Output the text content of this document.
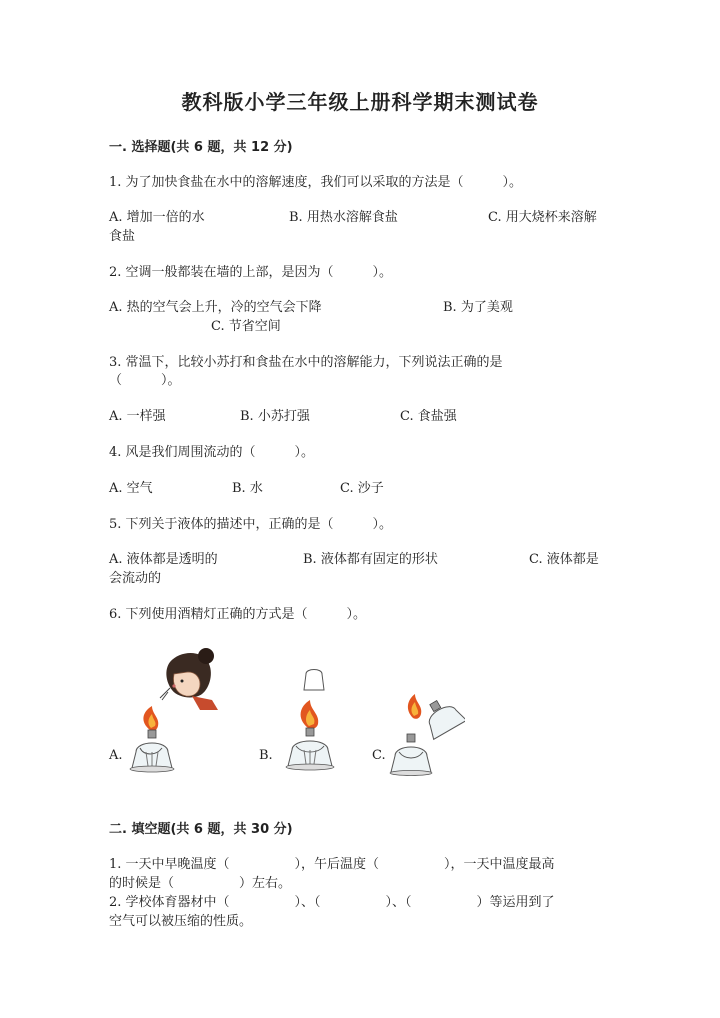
教科版小学三年级上册科学期末测试卷
一. 选择题(共 6 题，共 12 分)
1. 为了加快食盐在水中的溶解速度，我们可以采取的方法是（　　　）。
A. 增加一倍的水	B. 用热水溶解食盐	C. 用大烧杯来溶解
食盐
2. 空调一般都装在墙的上部，是因为（　　　）。
A. 热的空气会上升，冷的空气会下降	B. 为了美观
C. 节省空间
3. 常温下，比较小苏打和食盐在水中的溶解能力，下列说法正确的是
（　　　）。
A. 一样强	B. 小苏打强	C. 食盐强
4. 风是我们周围流动的（　　　）。
A. 空气	B. 水	C. 沙子
5. 下列关于液体的描述中，正确的是（　　　）。
A. 液体都是透明的	B. 液体都有固定的形状	C. 液体都是
会流动的
6. 下列使用酒精灯正确的方式是（　　　）。
A.	B.	C.
二. 填空题(共 6 题，共 30 分)
1. 一天中早晚温度（　　　　　），午后温度（　　　　　），一天中温度最高
的时候是（　　　　　）左右。
2. 学校体育器材中（　　　　　）、（　　　　　）、（　　　　　）等运用到了
空气可以被压缩的性质。
